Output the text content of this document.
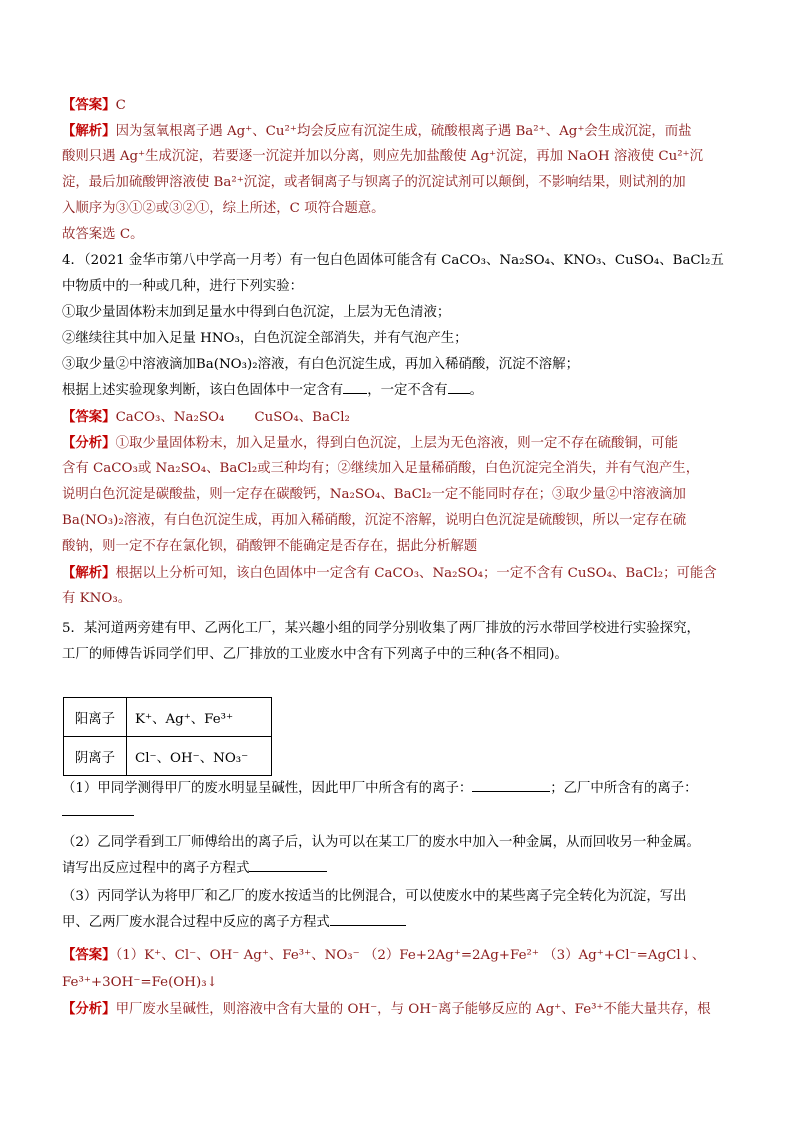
【答案】C
【解析】因为氢氧根离子遇 Ag⁺、Cu²⁺均会反应有沉淀生成，硫酸根离子遇 Ba²⁺、Ag⁺会生成沉淀，而盐
酸则只遇 Ag⁺生成沉淀，若要逐一沉淀并加以分离，则应先加盐酸使 Ag⁺沉淀，再加 NaOH 溶液使 Cu²⁺沉
淀，最后加硫酸钾溶液使 Ba²⁺沉淀，或者铜离子与钡离子的沉淀试剂可以颠倒，不影响结果，则试剂的加
入顺序为③①②或③②①，综上所述，C 项符合题意。
故答案选 C。
4．（2021 金华市第八中学高一月考）有一包白色固体可能含有 CaCO₃、Na₂SO₄、KNO₃、CuSO₄、BaCl₂五
中物质中的一种或几种，进行下列实验：
①取少量固体粉末加到足量水中得到白色沉淀，上层为无色清液；
②继续往其中加入足量 HNO₃，白色沉淀全部消失，并有气泡产生；
③取少量②中溶液滴加Ba(NO₃)₂溶液，有白色沉淀生成，再加入稀硝酸，沉淀不溶解；
根据上述实验现象判断，该白色固体中一定含有 ，一定不含有 。
【答案】CaCO₃、Na₂SO₄ CuSO₄、BaCl₂
【分析】①取少量固体粉末，加入足量水，得到白色沉淀，上层为无色溶液，则一定不存在硫酸铜，可能
含有 CaCO₃或 Na₂SO₄、BaCl₂或三种均有；②继续加入足量稀硝酸，白色沉淀完全消失，并有气泡产生，
说明白色沉淀是碳酸盐，则一定存在碳酸钙，Na₂SO₄、BaCl₂一定不能同时存在；③取少量②中溶液滴加
Ba(NO₃)₂溶液，有白色沉淀生成，再加入稀硝酸，沉淀不溶解，说明白色沉淀是硫酸钡，所以一定存在硫
酸钠，则一定不存在氯化钡，硝酸钾不能确定是否存在，据此分析解题
【解析】根据以上分析可知，该白色固体中一定含有 CaCO₃、Na₂SO₄；一定不含有 CuSO₄、BaCl₂；可能含
有 KNO₃。
5．某河道两旁建有甲、乙两化工厂，某兴趣小组的同学分别收集了两厂排放的污水带回学校进行实验探究，
工厂的师傅告诉同学们甲、乙厂排放的工业废水中含有下列离子中的三种(各不相同)。
阳离子	K⁺、Ag⁺、Fe³⁺
阴离子	Cl⁻、OH⁻、NO₃⁻
（1）甲同学测得甲厂的废水明显呈碱性，因此甲厂中所含有的离子：	；乙厂中所含有的离子：
（2）乙同学看到工厂师傅给出的离子后，认为可以在某工厂的废水中加入一种金属，从而回收另一种金属。
请写出反应过程中的离子方程式
（3）丙同学认为将甲厂和乙厂的废水按适当的比例混合，可以使废水中的某些离子完全转化为沉淀，写出
甲、乙两厂废水混合过程中反应的离子方程式
【答案】（1）K⁺、Cl⁻、OH⁻ Ag⁺、Fe³⁺、NO₃⁻ （2）Fe+2Ag⁺=2Ag+Fe²⁺ （3）Ag⁺+Cl⁻=AgCl↓、
Fe³⁺+3OH⁻=Fe(OH)₃↓
【分析】甲厂废水呈碱性，则溶液中含有大量的 OH⁻，与 OH⁻离子能够反应的 Ag⁺、Fe³⁺不能大量共存，根
